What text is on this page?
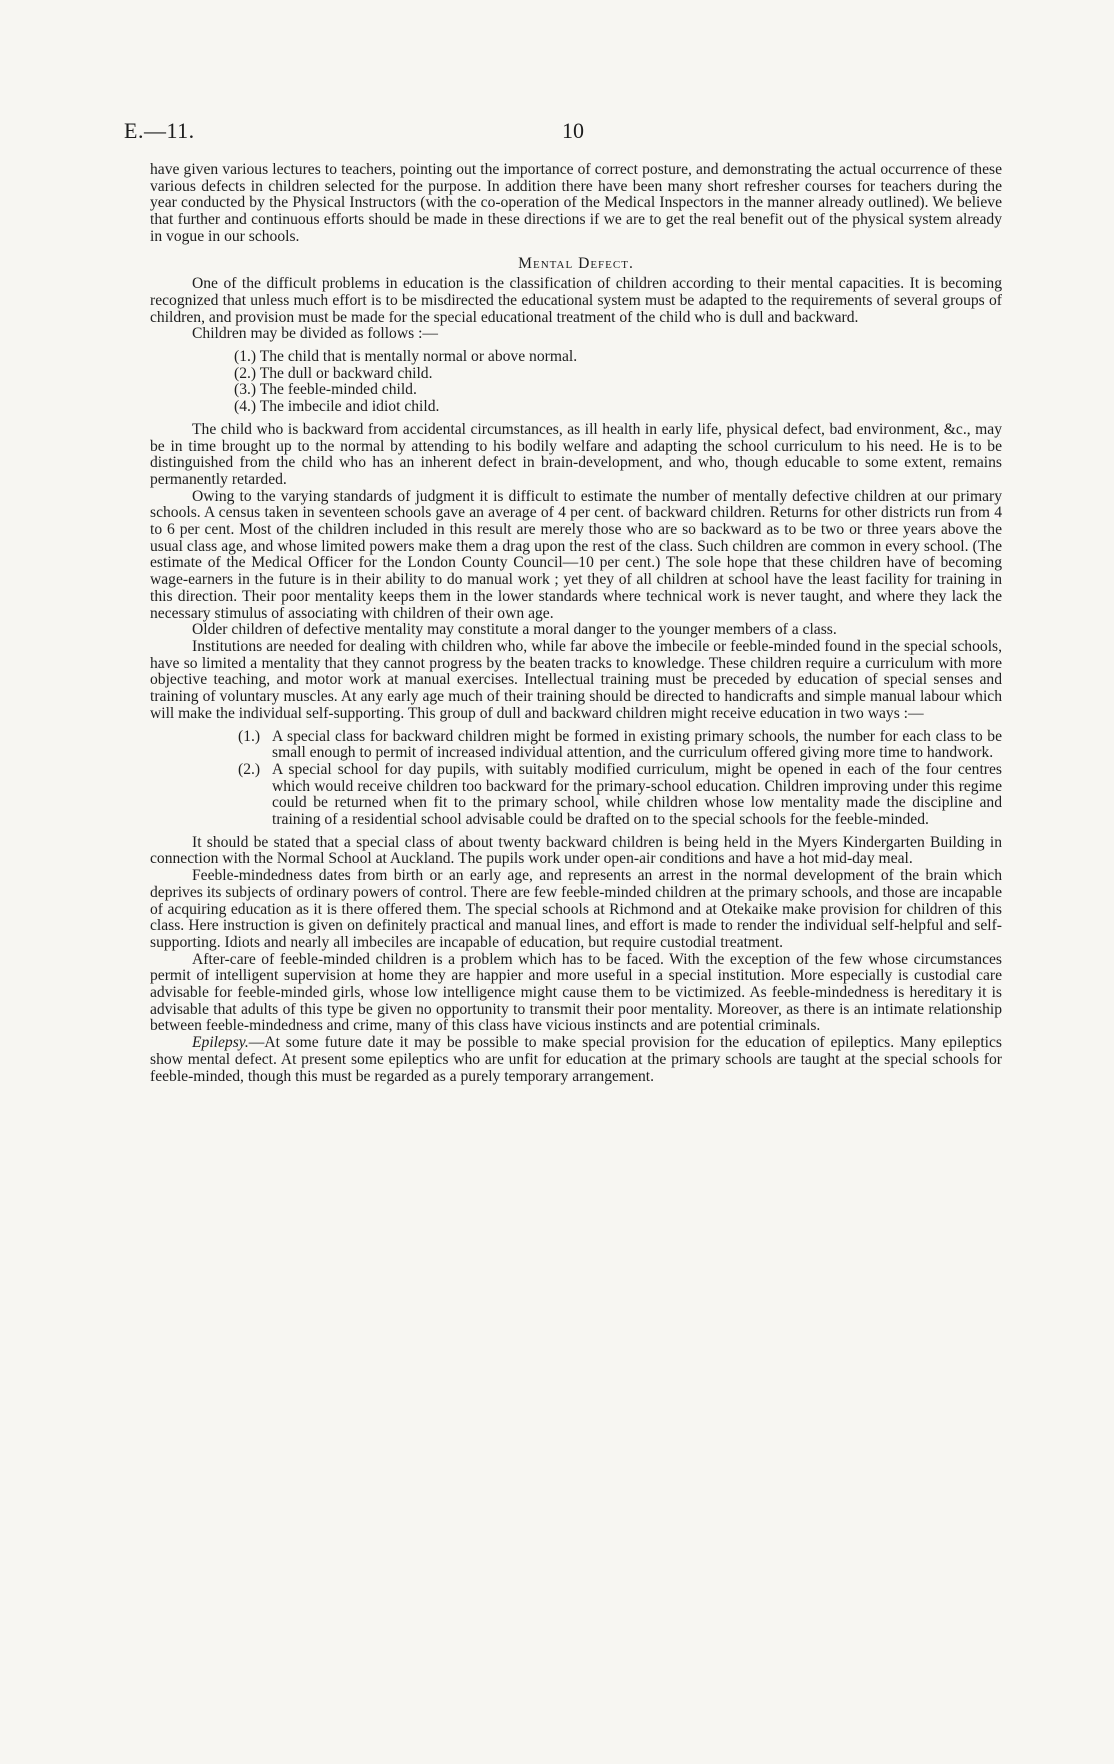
E.—11.	10

have given various lectures to teachers, pointing out the importance of correct posture, and demonstrating the actual occurrence of these various defects in children selected for the purpose. In addition there have been many short refresher courses for teachers during the year conducted by the Physical Instructors (with the co-operation of the Medical Inspectors in the manner already outlined). We believe that further and continuous efforts should be made in these directions if we are to get the real benefit out of the physical system already in vogue in our schools.

Mental Defect.

One of the difficult problems in education is the classification of children according to their mental capacities. It is becoming recognized that unless much effort is to be misdirected the educational system must be adapted to the requirements of several groups of children, and provision must be made for the special educational treatment of the child who is dull and backward.

Children may be divided as follows :—

(1.) The child that is mentally normal or above normal.
(2.) The dull or backward child.
(3.) The feeble-minded child.
(4.) The imbecile and idiot child.

The child who is backward from accidental circumstances, as ill health in early life, physical defect, bad environment, &c., may be in time brought up to the normal by attending to his bodily welfare and adapting the school curriculum to his need. He is to be distinguished from the child who has an inherent defect in brain-development, and who, though educable to some extent, remains permanently retarded.

Owing to the varying standards of judgment it is difficult to estimate the number of mentally defective children at our primary schools. A census taken in seventeen schools gave an average of 4 per cent. of backward children. Returns for other districts run from 4 to 6 per cent. Most of the children included in this result are merely those who are so backward as to be two or three years above the usual class age, and whose limited powers make them a drag upon the rest of the class. Such children are common in every school. (The estimate of the Medical Officer for the London County Council—10 per cent.) The sole hope that these children have of becoming wage-earners in the future is in their ability to do manual work ; yet they of all children at school have the least facility for training in this direction. Their poor mentality keeps them in the lower standards where technical work is never taught, and where they lack the necessary stimulus of associating with children of their own age.

Older children of defective mentality may constitute a moral danger to the younger members of a class.

Institutions are needed for dealing with children who, while far above the imbecile or feeble-minded found in the special schools, have so limited a mentality that they cannot progress by the beaten tracks to knowledge. These children require a curriculum with more objective teaching, and motor work at manual exercises. Intellectual training must be preceded by education of special senses and training of voluntary muscles. At any early age much of their training should be directed to handicrafts and simple manual labour which will make the individual self-supporting. This group of dull and backward children might receive education in two ways :—

(1.) A special class for backward children might be formed in existing primary schools, the number for each class to be small enough to permit of increased individual attention, and the curriculum offered giving more time to handwork.
(2.) A special school for day pupils, with suitably modified curriculum, might be opened in each of the four centres which would receive children too backward for the primary-school education. Children improving under this regime could be returned when fit to the primary school, while children whose low mentality made the discipline and training of a residential school advisable could be drafted on to the special schools for the feeble-minded.

It should be stated that a special class of about twenty backward children is being held in the Myers Kindergarten Building in connection with the Normal School at Auckland. The pupils work under open-air conditions and have a hot mid-day meal.

Feeble-mindedness dates from birth or an early age, and represents an arrest in the normal development of the brain which deprives its subjects of ordinary powers of control. There are few feeble-minded children at the primary schools, and those are incapable of acquiring education as it is there offered them. The special schools at Richmond and at Otekaike make provision for children of this class. Here instruction is given on definitely practical and manual lines, and effort is made to render the individual self-helpful and self-supporting. Idiots and nearly all imbeciles are incapable of education, but require custodial treatment.

After-care of feeble-minded children is a problem which has to be faced. With the exception of the few whose circumstances permit of intelligent supervision at home they are happier and more useful in a special institution. More especially is custodial care advisable for feeble-minded girls, whose low intelligence might cause them to be victimized. As feeble-mindedness is hereditary it is advisable that adults of this type be given no opportunity to transmit their poor mentality. Moreover, as there is an intimate relationship between feeble-mindedness and crime, many of this class have vicious instincts and are potential criminals.

Epilepsy.—At some future date it may be possible to make special provision for the education of epileptics. Many epileptics show mental defect. At present some epileptics who are unfit for education at the primary schools are taught at the special schools for feeble-minded, though this must be regarded as a purely temporary arrangement.
